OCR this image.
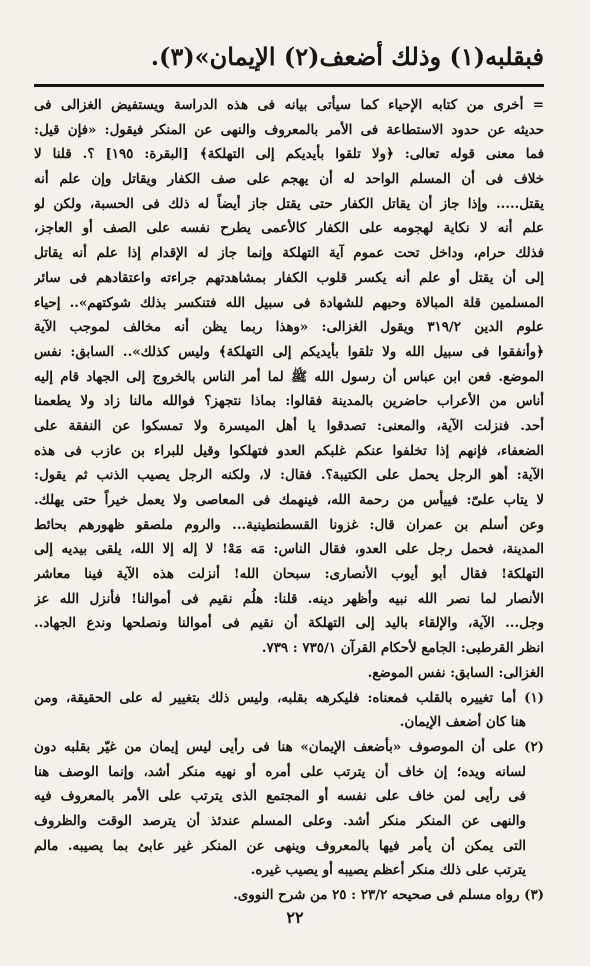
فبقلبه(١) وذلك أضعف(٢) الإيمان»(٣).
= أخرى من كتابه الإحياء كما سيأتى بيانه فى هذه الدراسة ويستفيض الغزالى فى
حديثه عن حدود الاستطاعة فى الأمر بالمعروف والنهى عن المنكر فيقول: «فإن قيل:
فما معنى قوله تعالى: ﴿ولا تلقوا بأيديكم إلى التهلكة﴾ [البقرة: ١٩٥] ؟. قلنا لا
خلاف فى أن المسلم الواحد له أن يهجم على صف الكفار ويقاتل وإن علم أنه
يقتل..... وإذا جاز أن يقاتل الكفار حتى يقتل جاز أيضاً له ذلك فى الحسبة، ولكن لو
علم أنه لا نكاية لهجومه على الكفار كالأعمى يطرح نفسه على الصف أو العاجز،
فذلك حرام، وداخل تحت عموم آية التهلكة وإنما جاز له الإقدام إذا علم أنه يقاتل
إلى أن يقتل أو علم أنه يكسر قلوب الكفار بمشاهدتهم جراءته واعتقادهم فى سائر
المسلمين قلة المبالاة وحبهم للشهادة فى سبيل الله فتنكسر بذلك شوكتهم».. إحياء
علوم الدين ٣١٩/٢ ويقول الغزالى: «وهذا ربما يظن أنه مخالف لموجب الآية
﴿وأنفقوا فى سبيل الله ولا تلقوا بأيديكم إلى التهلكة﴾ وليس كذلك».. السابق: نفس
الموضع. فعن ابن عباس أن رسول الله ﷺ لما أمر الناس بالخروج إلى الجهاد قام إليه
أناس من الأعراب حاضرين بالمدينة فقالوا: بماذا نتجهز؟ فوالله مالنا زاد ولا يطعمنا
أحد. فنزلت الآية، والمعنى: تصدقوا يا أهل الميسرة ولا تمسكوا عن النفقة على
الضعفاء، فإنهم إذا تخلفوا عنكم غلبكم العدو فتهلكوا وقيل للبراء بن عازب فى هذه
الآية: أهو الرجل يحمل على الكتيبة؟. فقال: لا، ولكنه الرجل يصيب الذنب ثم يقول:
لا يتاب علىّ: فييأس من رحمة الله، فينهمك فى المعاصى ولا يعمل خيراً حتى يهلك.
وعن أسلم بن عمران قال: غزونا القسطنطينية... والروم ملصقو ظهورهم بحائط
المدينة، فحمل رجل على العدو، فقال الناس: مَه مَهْ! لا إله إلا الله، يلقى بيديه إلى
التهلكة! فقال أبو أيوب الأنصارى: سبحان الله! أنزلت هذه الآية فينا معاشر
الأنصار لما نصر الله نبيه وأظهر دينه. قلنا: هلُم نقيم فى أموالنا! فأنزل الله عز
وجل... الآية، والإلقاء باليد إلى التهلكة أن نقيم فى أموالنا ونصلحها وندع الجهاد..
انظر القرطبى: الجامع لأحكام القرآن ٧٣٥/١ : ٧٣٩.
الغزالى: السابق: نفس الموضع.
(١) أما تغييره بالقلب فمعناه: فليكرهه بقلبه، وليس ذلك بتغيير له على الحقيقة، ومن
هنا كان أضعف الإيمان.
(٢) على أن الموصوف «بأضعف الإيمان» هنا فى رأيى ليس إيمان من غيّر بقلبه دون
لسانه ويده؛ إن خاف أن يترتب على أمره أو نهيه منكر أشد، وإنما الوصف هنا
فى رأيى لمن خاف على نفسه أو المجتمع الذى يترتب على الأمر بالمعروف فيه
والنهى عن المنكر منكر أشد. وعلى المسلم عندئذ أن يترصد الوقت والظروف
التى يمكن أن يأمر فيها بالمعروف وينهى عن المنكر غير عابئ بما يصيبه. مالم
يترتب على ذلك منكر أعظم يصيبه أو يصيب غيره.
(٣) رواه مسلم فى صحيحه ٢٣/٢ : ٢٥ من شرح النووى.
٢٢
